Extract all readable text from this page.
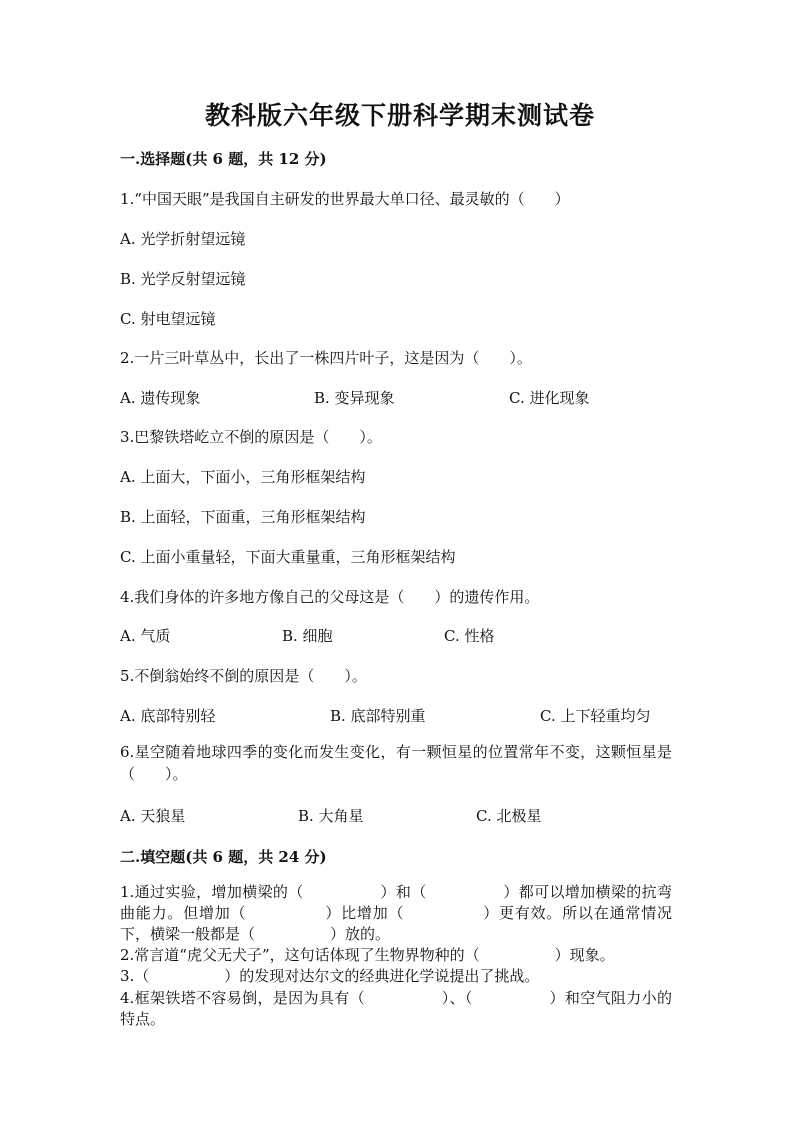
教科版六年级下册科学期末测试卷
一.选择题(共 6 题，共 12 分)
1.“中国天眼”是我国自主研发的世界最大单口径、最灵敏的（　　）
A. 光学折射望远镜
B. 光学反射望远镜
C. 射电望远镜
2.一片三叶草丛中，长出了一株四片叶子，这是因为（　　）。
A. 遗传现象	B. 变异现象	C. 进化现象
3.巴黎铁塔屹立不倒的原因是（　　）。
A. 上面大，下面小，三角形框架结构
B. 上面轻，下面重，三角形框架结构
C. 上面小重量轻，下面大重量重，三角形框架结构
4.我们身体的许多地方像自己的父母这是（　　）的遗传作用。
A. 气质	B. 细胞	C. 性格
5.不倒翁始终不倒的原因是（　　）。
A. 底部特别轻	B. 底部特别重	C. 上下轻重均匀
6.星空随着地球四季的变化而发生变化，有一颗恒星的位置常年不变，这颗恒星是（　　）。
A. 天狼星	B. 大角星	C. 北极星
二.填空题(共 6 题，共 24 分)
1.通过实验，增加横梁的（　　　　　）和（　　　　　）都可以增加横梁的抗弯曲能力。但增加（　　　　　）比增加（　　　　　）更有效。所以在通常情况下，横梁一般都是（　　　　　）放的。
2.常言道“虎父无犬子”，这句话体现了生物界物种的（　　　　　）现象。
3.（　　　　　）的发现对达尔文的经典进化学说提出了挑战。
4.框架铁塔不容易倒，是因为具有（　　　　　）、（　　　　　）和空气阻力小的特点。
